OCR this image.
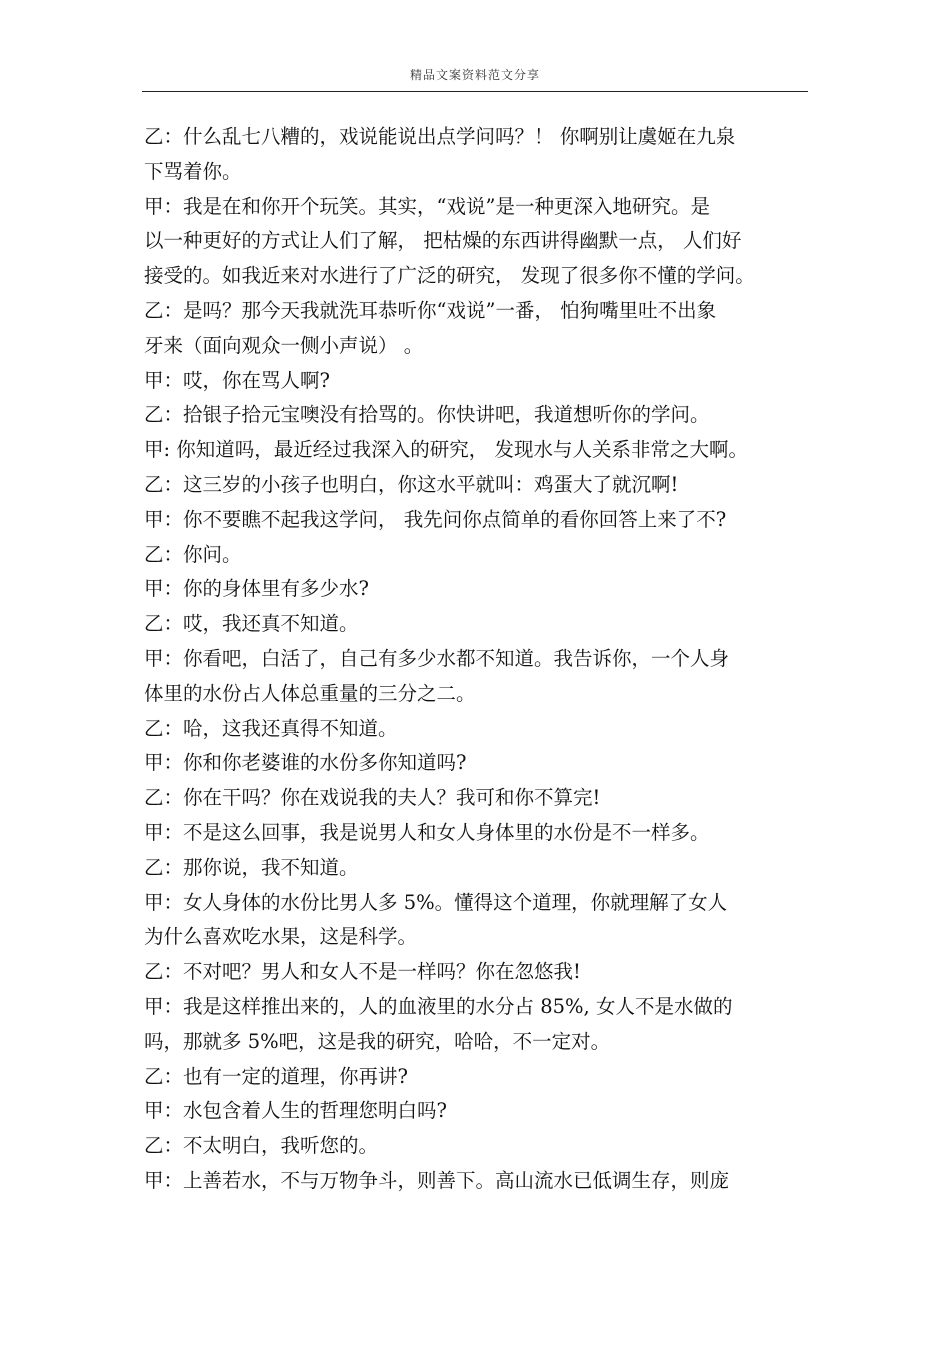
精品文案资料范文分享
乙：什么乱七八糟的，戏说能说出点学问吗？！ 你啊别让虞姬在九泉
下骂着你。
甲：我是在和你开个玩笑。其实，“戏说”是一种更深入地研究。是
以一种更好的方式让人们了解， 把枯燥的东西讲得幽默一点， 人们好
接受的。如我近来对水进行了广泛的研究， 发现了很多你不懂的学问。
乙：是吗？那今天我就洗耳恭听你“戏说”一番， 怕狗嘴里吐不出象
牙来（面向观众一侧小声说） 。
甲：哎，你在骂人啊?
乙：拾银子拾元宝噢没有拾骂的。你快讲吧，我道想听你的学问。
甲: 你知道吗，最近经过我深入的研究， 发现水与人关系非常之大啊。
乙：这三岁的小孩子也明白，你这水平就叫：鸡蛋大了就沉啊!
甲：你不要瞧不起我这学问， 我先问你点简单的看你回答上来了不?
乙：你问。
甲：你的身体里有多少水?
乙：哎，我还真不知道。
甲：你看吧，白活了，自己有多少水都不知道。我告诉你，一个人身
体里的水份占人体总重量的三分之二。
乙：哈，这我还真得不知道。
甲：你和你老婆谁的水份多你知道吗?
乙：你在干吗？你在戏说我的夫人？我可和你不算完!
甲：不是这么回事，我是说男人和女人身体里的水份是不一样多。
乙：那你说，我不知道。
甲：女人身体的水份比男人多 5%。懂得这个道理，你就理解了女人
为什么喜欢吃水果，这是科学。
乙：不对吧？男人和女人不是一样吗？你在忽悠我!
甲：我是这样推出来的，人的血液里的水分占 85%, 女人不是水做的
吗，那就多 5%吧，这是我的研究，哈哈，不一定对。
乙：也有一定的道理，你再讲?
甲：水包含着人生的哲理您明白吗?
乙：不太明白，我听您的。
甲：上善若水，不与万物争斗，则善下。高山流水已低调生存，则庞
